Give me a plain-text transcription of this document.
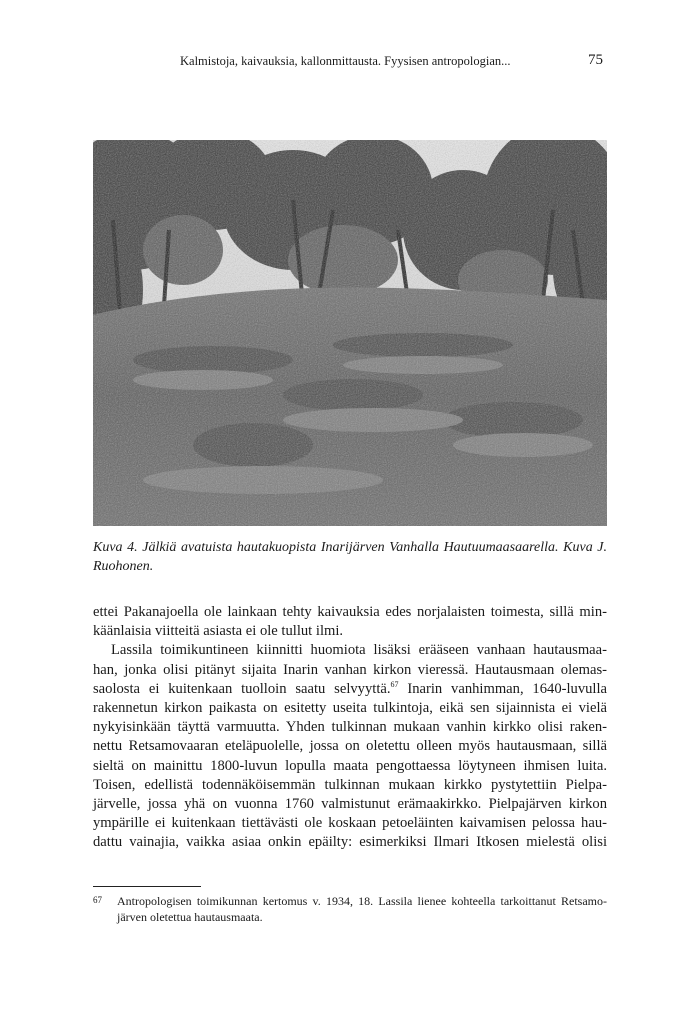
Kalmistoja, kaivauksia, kallonmittausta. Fyysisen antropologian...	75
Kuva 4. Jälkiä avatuista hautakuopista Inarijärven Vanhalla Hautuumaasaarella. Kuva J.
Ruohonen.
ettei Pakanajoella ole lainkaan tehty kaivauksia edes norjalaisten toimesta, sillä min-
käänlaisia viitteitä asiasta ei ole tullut ilmi.
Lassila toimikuntineen kiinnitti huomiota lisäksi erääseen vanhaan hautausmaa-
han, jonka olisi pitänyt sijaita Inarin vanhan kirkon vieressä. Hautausmaan olemas-
saolosta ei kuitenkaan tuolloin saatu selvyyttä.$^{67}$ Inarin vanhimman, 1640-luvulla
rakennetun kirkon paikasta on esitetty useita tulkintoja, eikä sen sijainnista ei vielä
nykyisinkään täyttä varmuutta. Yhden tulkinnan mukaan vanhin kirkko olisi raken-
nettu Retsamovaaran eteläpuolelle, jossa on oletettu olleen myös hautausmaan, sillä
sieltä on mainittu 1800-luvun lopulla maata pengottaessa löytyneen ihmisen luita.
Toisen, edellistä todennäköisemmän tulkinnan mukaan kirkko pystytettiin Pielpa-
järvelle, jossa yhä on vuonna 1760 valmistunut erämaakirkko. Pielpajärven kirkon
ympärille ei kuitenkaan tiettävästi ole koskaan petoeläinten kaivamisen pelossa hau-
dattu vainajia, vaikka asiaa onkin epäilty: esimerkiksi Ilmari Itkosen mielestä olisi
67 Antropologisen toimikunnan kertomus v. 1934, 18. Lassila lienee kohteella tarkoittanut Retsamo-
järven oletettua hautausmaata.
